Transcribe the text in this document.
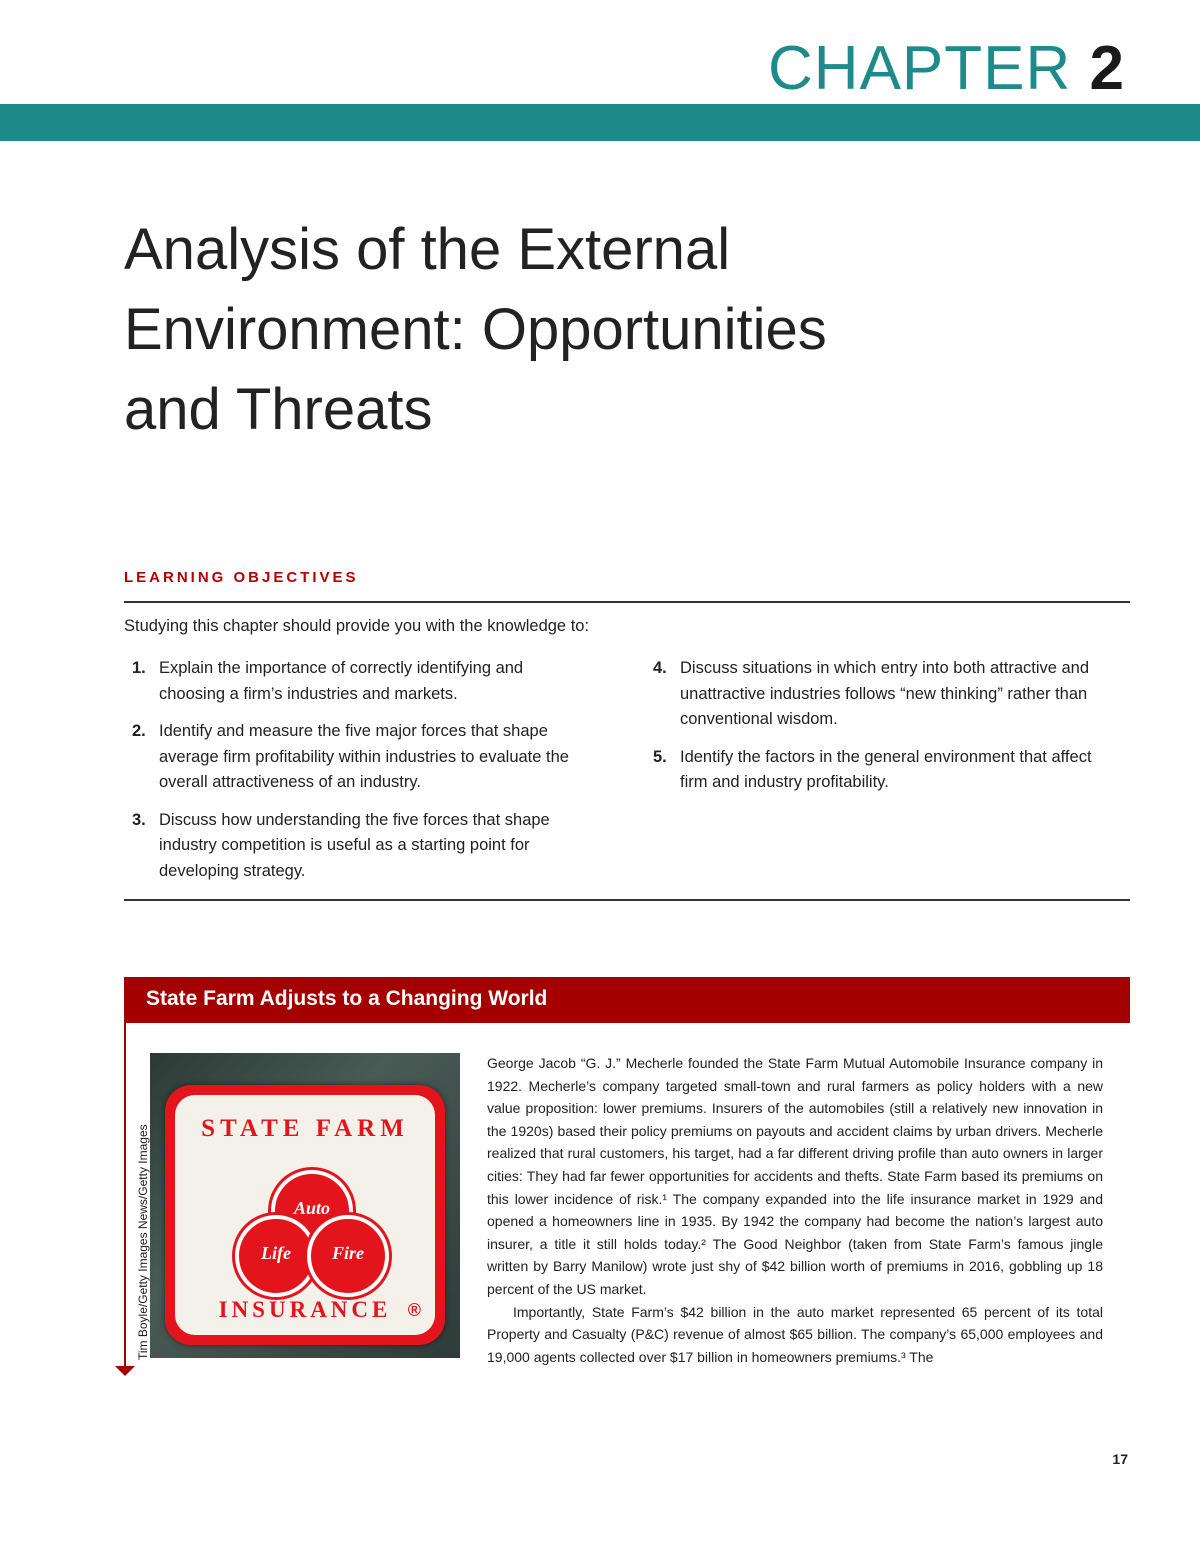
CHAPTER 2
Analysis of the External
Environment: Opportunities
and Threats
LEARNING OBJECTIVES
Studying this chapter should provide you with the knowledge to:
1. Explain the importance of correctly identifying and choosing a firm’s industries and markets.
2. Identify and measure the five major forces that shape average firm profitability within industries to evaluate the overall attractiveness of an industry.
3. Discuss how understanding the five forces that shape industry competition is useful as a starting point for developing strategy.
4. Discuss situations in which entry into both attractive and unattractive industries follows “new thinking” rather than conventional wisdom.
5. Identify the factors in the general environment that affect firm and industry profitability.
State Farm Adjusts to a Changing World
Tim Boyle/Getty Images News/Getty Images	STATE FARM
Auto
Life	Fire
INSURANCE ®

George Jacob “G. J.” Mecherle founded the State Farm Mutual Automobile Insurance company in 1922. Mecherle’s company targeted small-town and rural farmers as policy holders with a new value proposition: lower premiums. Insurers of the automobiles (still a relatively new innovation in the 1920s) based their policy premiums on payouts and accident claims by urban drivers. Mecherle realized that rural customers, his target, had a far different driving profile than auto owners in larger cities: They had far fewer opportunities for accidents and thefts. State Farm based its premiums on this lower incidence of risk.¹ The company expanded into the life insurance market in 1929 and opened a homeowners line in 1935. By 1942 the company had become the nation’s largest auto insurer, a title it still holds today.² The Good Neighbor (taken from State Farm’s famous jingle written by Barry Manilow) wrote just shy of $42 billion worth of premiums in 2016, gobbling up 18 percent of the US market.

Importantly, State Farm’s $42 billion in the auto market represented 65 percent of its total Property and Casualty (P&C) revenue of almost $65 billion. The company’s 65,000 employees and 19,000 agents collected over $17 billion in homeowners premiums.³ The

17
